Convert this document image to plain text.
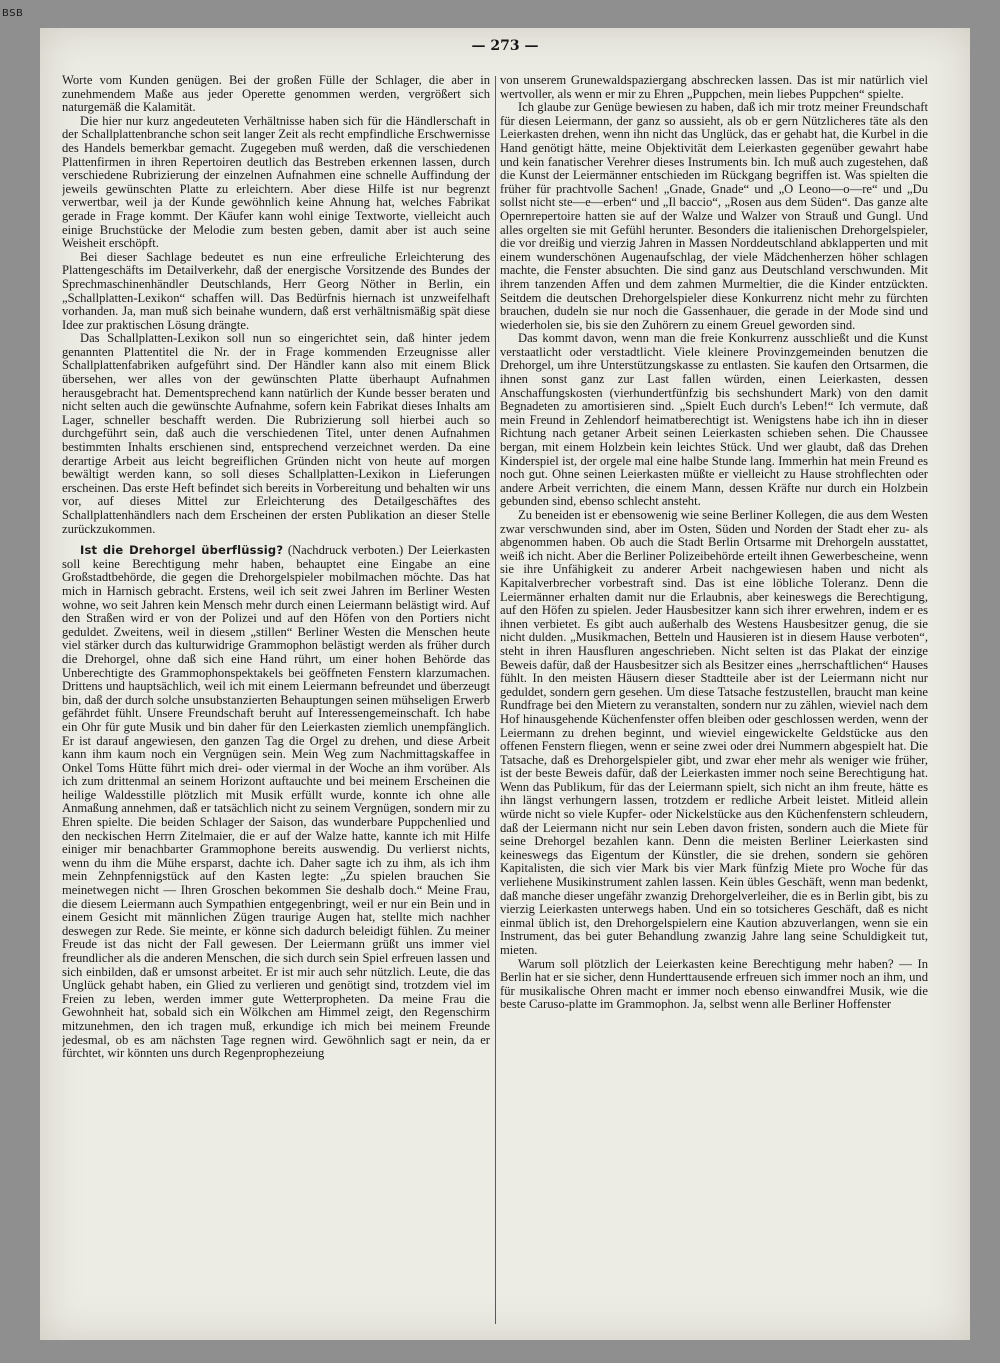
BSB
— 273 —

Worte vom Kunden genügen. Bei der großen Fülle der Schlager, die aber in zunehmendem Maße aus jeder Operette genommen werden, vergrößert sich naturgemäß die Kalamität.

Die hier nur kurz angedeuteten Verhältnisse haben sich für die Händlerschaft in der Schallplattenbranche schon seit langer Zeit als recht empfindliche Erschwernisse des Handels bemerkbar gemacht. Zugegeben muß werden, daß die verschiedenen Plattenfirmen in ihren Repertoiren deutlich das Bestreben erkennen lassen, durch verschiedene Rubrizierung der einzelnen Aufnahmen eine schnelle Auffindung der jeweils gewünschten Platte zu erleichtern. Aber diese Hilfe ist nur begrenzt verwertbar, weil ja der Kunde gewöhnlich keine Ahnung hat, welches Fabrikat gerade in Frage kommt. Der Käufer kann wohl einige Textworte, vielleicht auch einige Bruchstücke der Melodie zum besten geben, damit aber ist auch seine Weisheit erschöpft.

Bei dieser Sachlage bedeutet es nun eine erfreuliche Erleichterung des Plattengeschäfts im Detailverkehr, daß der energische Vorsitzende des Bundes der Sprechmaschinenhändler Deutschlands, Herr Georg Nöther in Berlin, ein „Schallplatten-Lexikon“ schaffen will. Das Bedürfnis hiernach ist unzweifelhaft vorhanden. Ja, man muß sich beinahe wundern, daß erst verhältnismäßig spät diese Idee zur praktischen Lösung drängte.

Das Schallplatten-Lexikon soll nun so eingerichtet sein, daß hinter jedem genannten Plattentitel die Nr. der in Frage kommenden Erzeugnisse aller Schallplattenfabriken aufgeführt sind. Der Händler kann also mit einem Blick übersehen, wer alles von der gewünschten Platte überhaupt Aufnahmen herausgebracht hat. Dementsprechend kann natürlich der Kunde besser beraten und nicht selten auch die gewünschte Aufnahme, sofern kein Fabrikat dieses Inhalts am Lager, schneller beschafft werden. Die Rubrizierung soll hierbei auch so durchgeführt sein, daß auch die verschiedenen Titel, unter denen Aufnahmen bestimmten Inhalts erschienen sind, entsprechend verzeichnet werden. Da eine derartige Arbeit aus leicht begreiflichen Gründen nicht von heute auf morgen bewältigt werden kann, so soll dieses Schallplatten-Lexikon in Lieferungen erscheinen. Das erste Heft befindet sich bereits in Vorbereitung und behalten wir uns vor, auf dieses Mittel zur Erleichterung des Detailgeschäftes des Schallplattenhändlers nach dem Erscheinen der ersten Publikation an dieser Stelle zurückzukommen.

Ist die Drehorgel überflüssig? (Nachdruck verboten.) Der Leierkasten soll keine Berechtigung mehr haben, behauptet eine Eingabe an eine Großstadtbehörde, die gegen die Drehorgelspieler mobilmachen möchte. Das hat mich in Harnisch gebracht. Erstens, weil ich seit zwei Jahren im Berliner Westen wohne, wo seit Jahren kein Mensch mehr durch einen Leiermann belästigt wird. Auf den Straßen wird er von der Polizei und auf den Höfen von den Portiers nicht geduldet. Zweitens, weil in diesem „stillen“ Berliner Westen die Menschen heute viel stärker durch das kulturwidrige Grammophon belästigt werden als früher durch die Drehorgel, ohne daß sich eine Hand rührt, um einer hohen Behörde das Unberechtigte des Grammophonspektakels bei geöffneten Fenstern klarzumachen. Drittens und hauptsächlich, weil ich mit einem Leiermann befreundet und überzeugt bin, daß der durch solche unsubstanzierten Behauptungen seinen mühseligen Erwerb gefährdet fühlt. Unsere Freundschaft beruht auf Interessengemeinschaft. Ich habe ein Ohr für gute Musik und bin daher für den Leierkasten ziemlich unempfänglich. Er ist darauf angewiesen, den ganzen Tag die Orgel zu drehen, und diese Arbeit kann ihm kaum noch ein Vergnügen sein. Mein Weg zum Nachmittagskaffee in Onkel Toms Hütte führt mich drei- oder viermal in der Woche an ihm vorüber. Als ich zum drittenmal an seinem Horizont auftauchte und bei meinem Erscheinen die heilige Waldesstille plötzlich mit Musik erfüllt wurde, konnte ich ohne alle Anmaßung annehmen, daß er tatsächlich nicht zu seinem Vergnügen, sondern mir zu Ehren spielte. Die beiden Schlager der Saison, das wunderbare Puppchenlied und den neckischen Herrn Zitelmaier, die er auf der Walze hatte, kannte ich mit Hilfe einiger mir benachbarter Grammophone bereits auswendig. Du verlierst nichts, wenn du ihm die Mühe ersparst, dachte ich. Daher sagte ich zu ihm, als ich ihm mein Zehnpfennigstück auf den Kasten legte: „Zu spielen brauchen Sie meinetwegen nicht — Ihren Groschen bekommen Sie deshalb doch.“ Meine Frau, die diesem Leiermann auch Sympathien entgegenbringt, weil er nur ein Bein und in einem Gesicht mit männlichen Zügen traurige Augen hat, stellte mich nachher deswegen zur Rede. Sie meinte, er könne sich dadurch beleidigt fühlen. Zu meiner Freude ist das nicht der Fall gewesen. Der Leiermann grüßt uns immer viel freundlicher als die anderen Menschen, die sich durch sein Spiel erfreuen lassen und sich einbilden, daß er umsonst arbeitet. Er ist mir auch sehr nützlich. Leute, die das Unglück gehabt haben, ein Glied zu verlieren und genötigt sind, trotzdem viel im Freien zu leben, werden immer gute Wetterpropheten. Da meine Frau die Gewohnheit hat, sobald sich ein Wölkchen am Himmel zeigt, den Regenschirm mitzunehmen, den ich tragen muß, erkundige ich mich bei meinem Freunde jedesmal, ob es am nächsten Tage regnen wird. Gewöhnlich sagt er nein, da er fürchtet, wir könnten uns durch Regenprophezeiung

von unserem Grunewaldspaziergang abschrecken lassen. Das ist mir natürlich viel wertvoller, als wenn er mir zu Ehren „Puppchen, mein liebes Puppchen“ spielte.

Ich glaube zur Genüge bewiesen zu haben, daß ich mir trotz meiner Freundschaft für diesen Leiermann, der ganz so aussieht, als ob er gern Nützlicheres täte als den Leierkasten drehen, wenn ihn nicht das Unglück, das er gehabt hat, die Kurbel in die Hand genötigt hätte, meine Objektivität dem Leierkasten gegenüber gewahrt habe und kein fanatischer Verehrer dieses Instruments bin. Ich muß auch zugestehen, daß die Kunst der Leiermänner entschieden im Rückgang begriffen ist. Was spielten die früher für prachtvolle Sachen! „Gnade, Gnade“ und „O Leono—o—re“ und „Du sollst nicht ste—e—erben“ und „Il baccio“, „Rosen aus dem Süden“. Das ganze alte Opernrepertoire hatten sie auf der Walze und Walzer von Strauß und Gungl. Und alles orgelten sie mit Gefühl herunter. Besonders die italienischen Drehorgelspieler, die vor dreißig und vierzig Jahren in Massen Norddeutschland abklapperten und mit einem wunderschönen Augenaufschlag, der viele Mädchenherzen höher schlagen machte, die Fenster absuchten. Die sind ganz aus Deutschland verschwunden. Mit ihrem tanzenden Affen und dem zahmen Murmeltier, die die Kinder entzückten. Seitdem die deutschen Drehorgelspieler diese Konkurrenz nicht mehr zu fürchten brauchen, dudeln sie nur noch die Gassenhauer, die gerade in der Mode sind und wiederholen sie, bis sie den Zuhörern zu einem Greuel geworden sind.

Das kommt davon, wenn man die freie Konkurrenz ausschließt und die Kunst verstaatlicht oder verstadtlicht. Viele kleinere Provinzgemeinden benutzen die Drehorgel, um ihre Unterstützungskasse zu entlasten. Sie kaufen den Ortsarmen, die ihnen sonst ganz zur Last fallen würden, einen Leierkasten, dessen Anschaffungskosten (vierhundertfünfzig bis sechshundert Mark) von den damit Begnadeten zu amortisieren sind. „Spielt Euch durch's Leben!“ Ich vermute, daß mein Freund in Zehlendorf heimatberechtigt ist. Wenigstens habe ich ihn in dieser Richtung nach getaner Arbeit seinen Leierkasten schieben sehen. Die Chaussee bergan, mit einem Holzbein kein leichtes Stück. Und wer glaubt, daß das Drehen Kinderspiel ist, der orgele mal eine halbe Stunde lang. Immerhin hat mein Freund es noch gut. Ohne seinen Leierkasten müßte er vielleicht zu Hause strohflechten oder andere Arbeit verrichten, die einem Mann, dessen Kräfte nur durch ein Holzbein gebunden sind, ebenso schlecht ansteht.

Zu beneiden ist er ebensowenig wie seine Berliner Kollegen, die aus dem Westen zwar verschwunden sind, aber im Osten, Süden und Norden der Stadt eher zu- als abgenommen haben. Ob auch die Stadt Berlin Ortsarme mit Drehorgeln ausstattet, weiß ich nicht. Aber die Berliner Polizeibehörde erteilt ihnen Gewerbescheine, wenn sie ihre Unfähigkeit zu anderer Arbeit nachgewiesen haben und nicht als Kapitalverbrecher vorbestraft sind. Das ist eine löbliche Toleranz. Denn die Leiermänner erhalten damit nur die Erlaubnis, aber keineswegs die Berechtigung, auf den Höfen zu spielen. Jeder Hausbesitzer kann sich ihrer erwehren, indem er es ihnen verbietet. Es gibt auch außerhalb des Westens Hausbesitzer genug, die sie nicht dulden. „Musikmachen, Betteln und Hausieren ist in diesem Hause verboten“, steht in ihren Hausfluren angeschrieben. Nicht selten ist das Plakat der einzige Beweis dafür, daß der Hausbesitzer sich als Besitzer eines „herrschaftlichen“ Hauses fühlt. In den meisten Häusern dieser Stadtteile aber ist der Leiermann nicht nur geduldet, sondern gern gesehen. Um diese Tatsache festzustellen, braucht man keine Rundfrage bei den Mietern zu veranstalten, sondern nur zu zählen, wieviel nach dem Hof hinausgehende Küchenfenster offen bleiben oder geschlossen werden, wenn der Leiermann zu drehen beginnt, und wieviel eingewickelte Geldstücke aus den offenen Fenstern fliegen, wenn er seine zwei oder drei Nummern abgespielt hat. Die Tatsache, daß es Drehorgelspieler gibt, und zwar eher mehr als weniger wie früher, ist der beste Beweis dafür, daß der Leierkasten immer noch seine Berechtigung hat. Wenn das Publikum, für das der Leiermann spielt, sich nicht an ihm freute, hätte es ihn längst verhungern lassen, trotzdem er redliche Arbeit leistet. Mitleid allein würde nicht so viele Kupfer- oder Nickelstücke aus den Küchenfenstern schleudern, daß der Leiermann nicht nur sein Leben davon fristen, sondern auch die Miete für seine Drehorgel bezahlen kann. Denn die meisten Berliner Leierkasten sind keineswegs das Eigentum der Künstler, die sie drehen, sondern sie gehören Kapitalisten, die sich vier Mark bis vier Mark fünfzig Miete pro Woche für das verliehene Musikinstrument zahlen lassen. Kein übles Geschäft, wenn man bedenkt, daß manche dieser ungefähr zwanzig Drehorgelverleiher, die es in Berlin gibt, bis zu vierzig Leierkasten unterwegs haben. Und ein so totsicheres Geschäft, daß es nicht einmal üblich ist, den Drehorgelspielern eine Kaution abzuverlangen, wenn sie ein Instrument, das bei guter Behandlung zwanzig Jahre lang seine Schuldigkeit tut, mieten.

Warum soll plötzlich der Leierkasten keine Berechtigung mehr haben? — In Berlin hat er sie sicher, denn Hunderttausende erfreuen sich immer noch an ihm, und für musikalische Ohren macht er immer noch ebenso einwandfrei Musik, wie die beste Caruso-platte im Grammophon. Ja, selbst wenn alle Berliner Hoffenster
